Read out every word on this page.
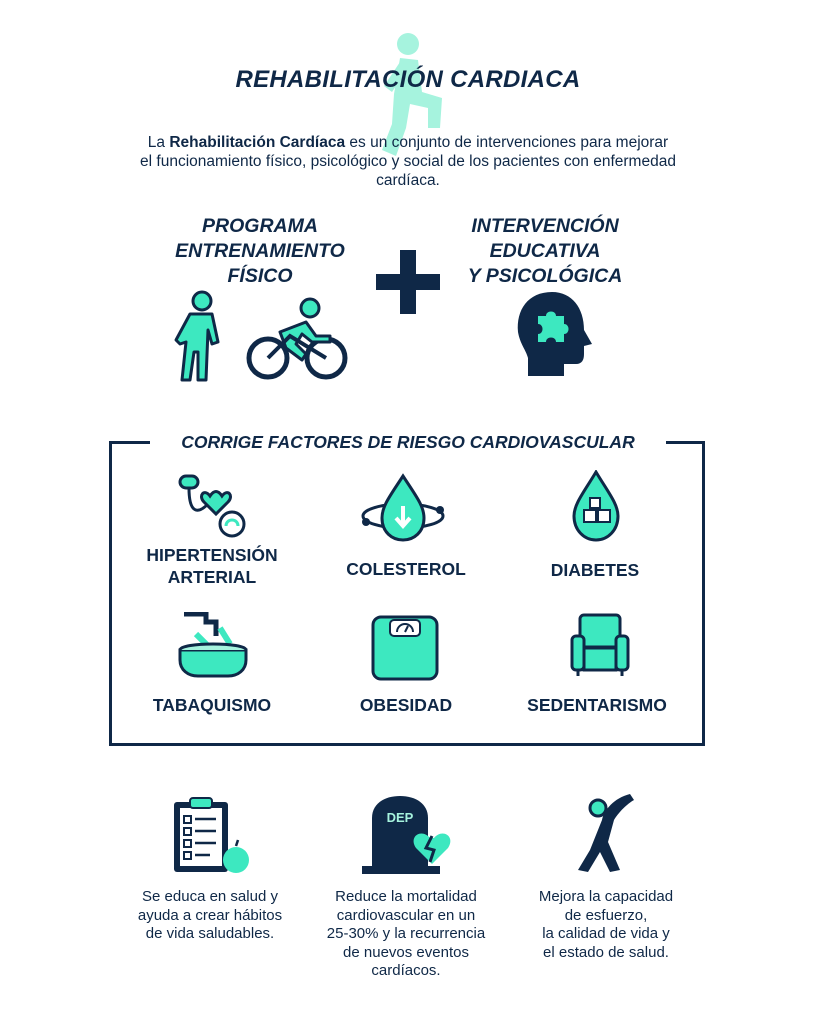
REHABILITACIÓN CARDIACA
La Rehabilitación Cardíaca es un conjunto de intervenciones para mejorar el funcionamiento físico, psicológico y social de los pacientes con enfermedad cardíaca.
PROGRAMA
ENTRENAMIENTO
FÍSICO
INTERVENCIÓN
EDUCATIVA
Y PSICOLÓGICA
CORRIGE FACTORES DE RIESGO CARDIOVASCULAR
HIPERTENSIÓN
ARTERIAL	COLESTEROL	DIABETES
TABAQUISMO	OBESIDAD	SEDENTARISMO
DEP
Se educa en salud y
ayuda a crear hábitos
de vida saludables.
Reduce la mortalidad
cardiovascular en un
25-30% y la recurrencia
de nuevos eventos
cardíacos.
Mejora la capacidad
de esfuerzo,
la calidad de vida y
el estado de salud.
